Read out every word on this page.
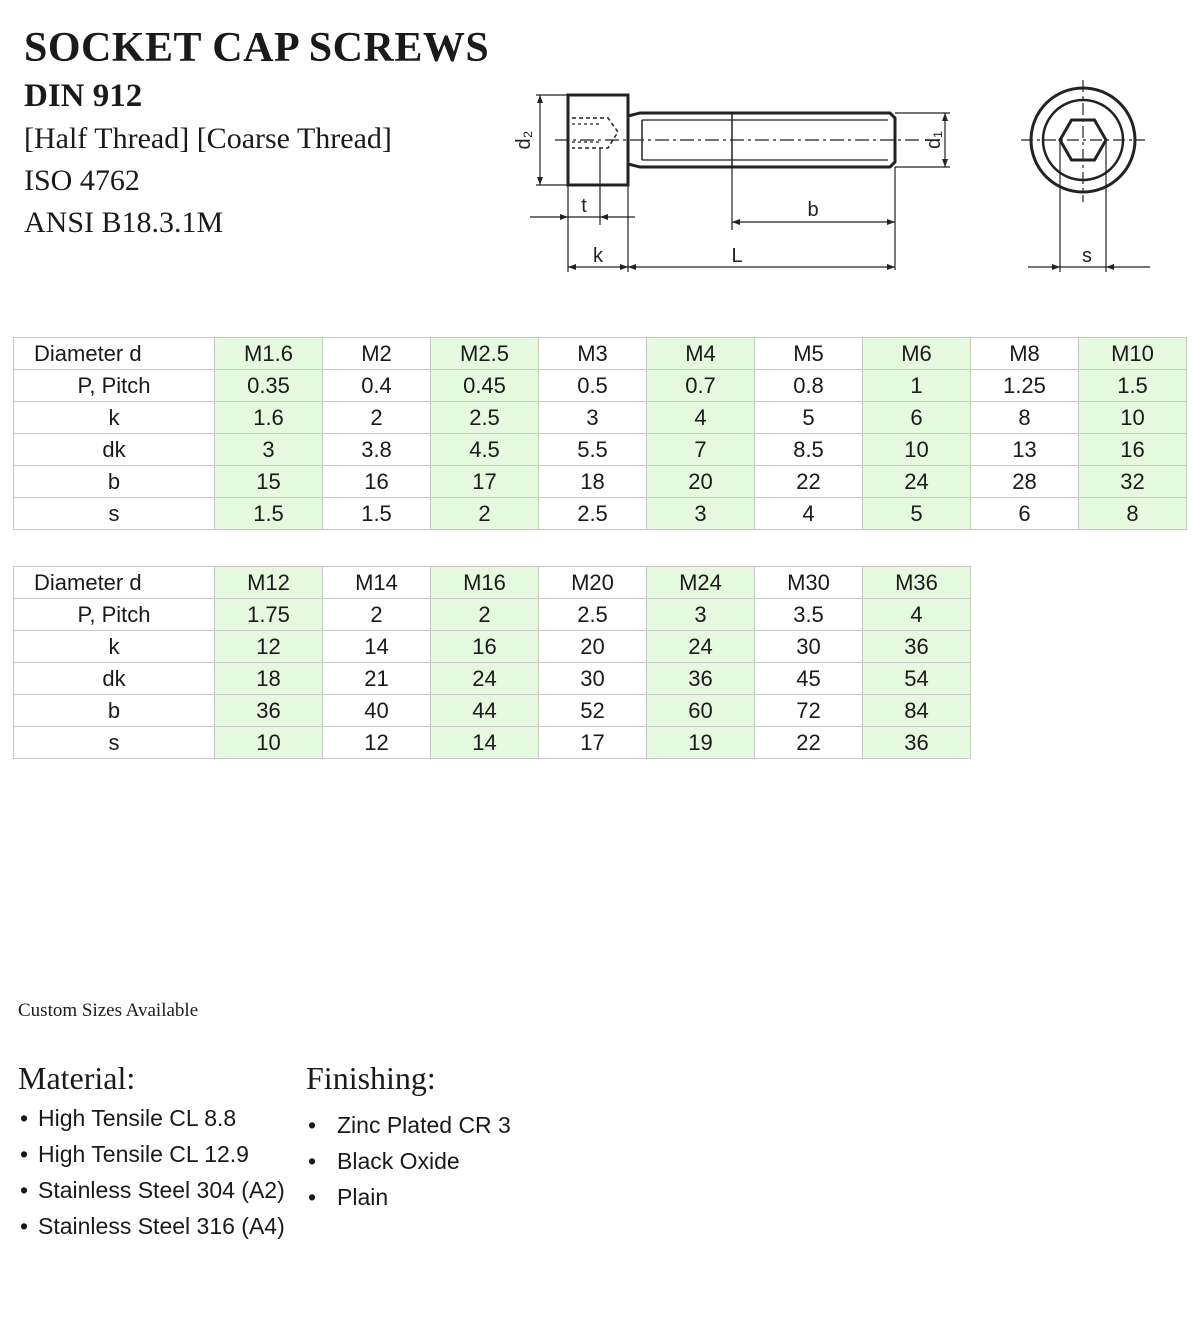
SOCKET CAP SCREWS
DIN 912
[Half Thread] [Coarse Thread]
ISO 4762
ANSI B18.3.1M
d₂	d₁
t	b
k	L	s
Diameter d	M1.6	M2	M2.5	M3	M4	M5	M6	M8	M10
P, Pitch	0.35	0.4	0.45	0.5	0.7	0.8	1	1.25	1.5
k	1.6	2	2.5	3	4	5	6	8	10
dk	3	3.8	4.5	5.5	7	8.5	10	13	16
b	15	16	17	18	20	22	24	28	32
s	1.5	1.5	2	2.5	3	4	5	6	8
Diameter d	M12	M14	M16	M20	M24	M30	M36
P, Pitch	1.75	2	2	2.5	3	3.5	4
k	12	14	16	20	24	30	36
dk	18	21	24	30	36	45	54
b	36	40	44	52	60	72	84
s	10	12	14	17	19	22	36
Custom Sizes Available
Material:
• High Tensile CL 8.8
• High Tensile CL 12.9
• Stainless Steel 304 (A2)
• Stainless Steel 316 (A4)
Finishing:
• Zinc Plated CR 3
• Black Oxide
• Plain
